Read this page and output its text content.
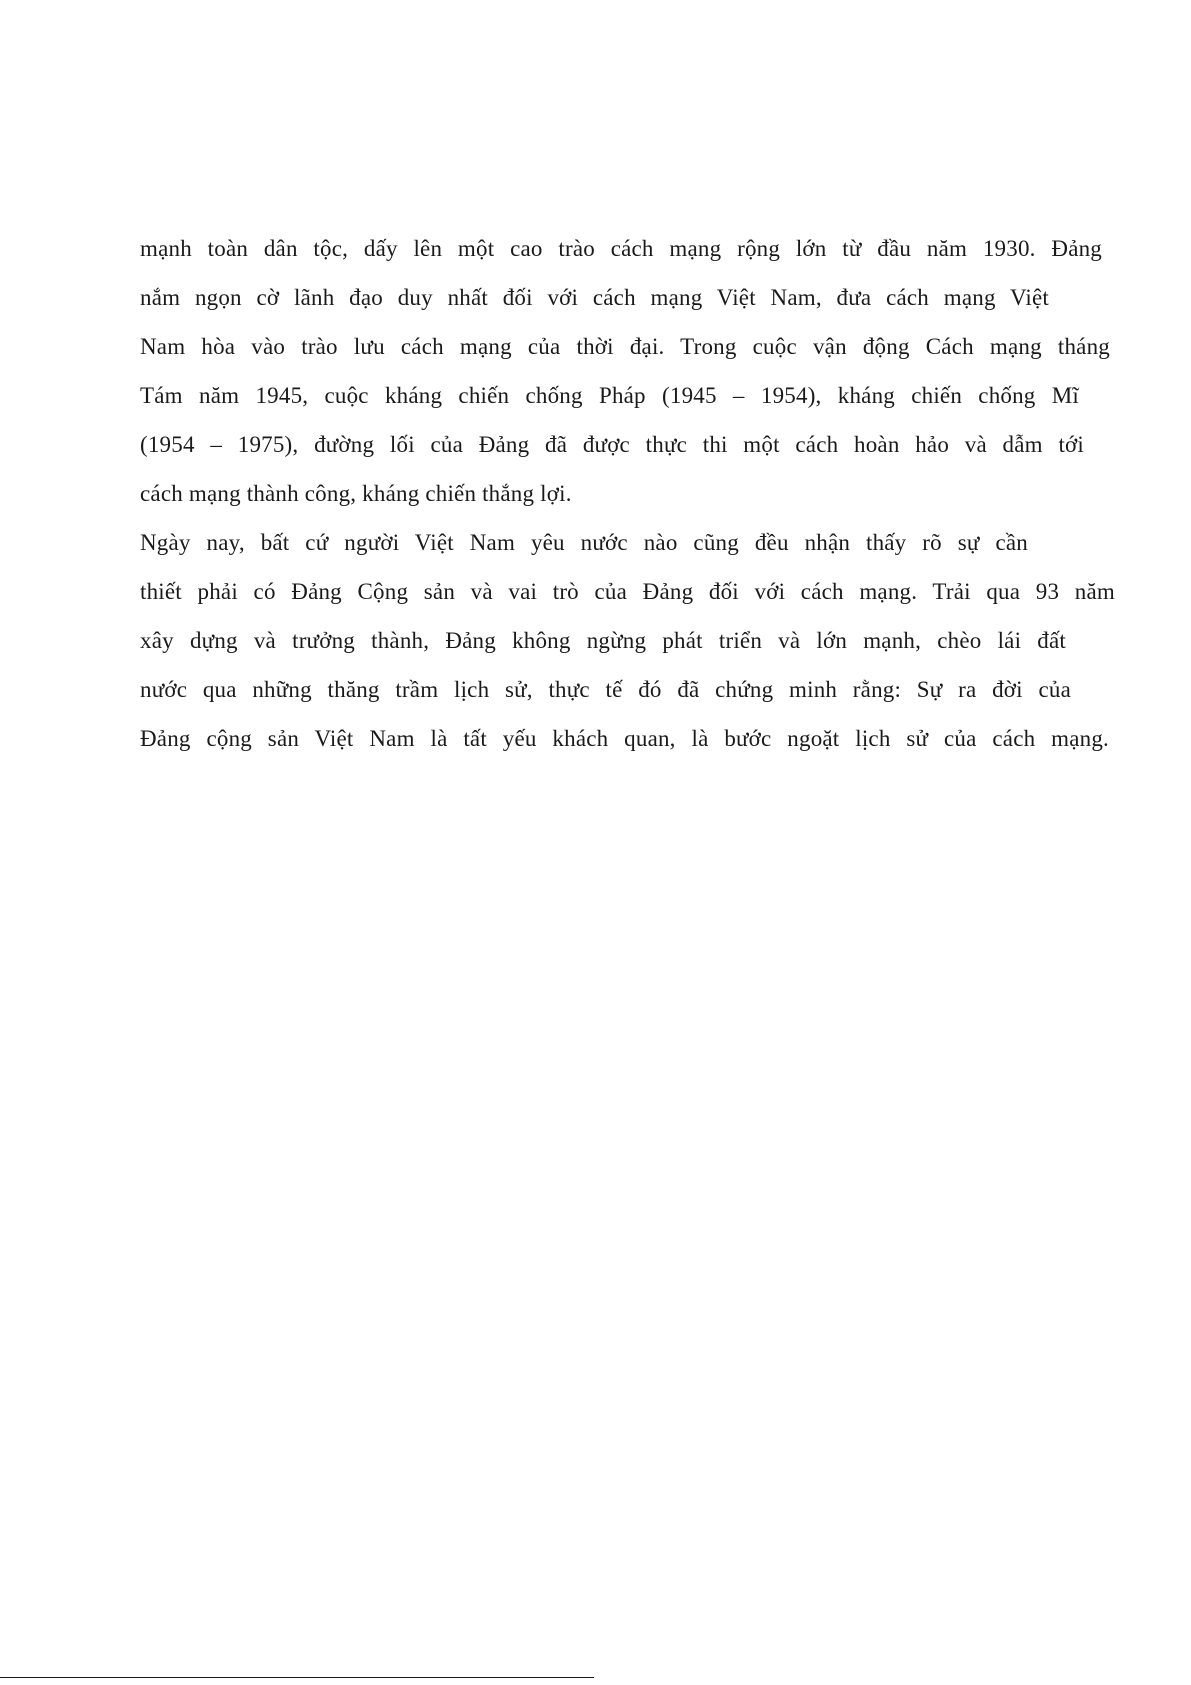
mạnh toàn dân tộc, dấy lên một cao trào cách mạng rộng lớn từ đầu năm 1930. Đảng
nắm ngọn cờ lãnh đạo duy nhất đối với cách mạng Việt Nam, đưa cách mạng Việt
Nam hòa vào trào lưu cách mạng của thời đại. Trong cuộc vận động Cách mạng tháng
Tám năm 1945, cuộc kháng chiến chống Pháp (1945 – 1954), kháng chiến chống Mĩ
(1954 – 1975), đường lối của Đảng đã được thực thi một cách hoàn hảo và dẫm tới
cách mạng thành công, kháng chiến thắng lợi.
Ngày nay, bất cứ người Việt Nam yêu nước nào cũng đều nhận thấy rõ sự cần
thiết phải có Đảng Cộng sản và vai trò của Đảng đối với cách mạng. Trải qua 93 năm
xây dựng và trưởng thành, Đảng không ngừng phát triển và lớn mạnh, chèo lái đất
nước qua những thăng trầm lịch sử, thực tế đó đã chứng minh rằng: Sự ra đời của
Đảng cộng sản Việt Nam là tất yếu khách quan, là bước ngoặt lịch sử của cách mạng.
